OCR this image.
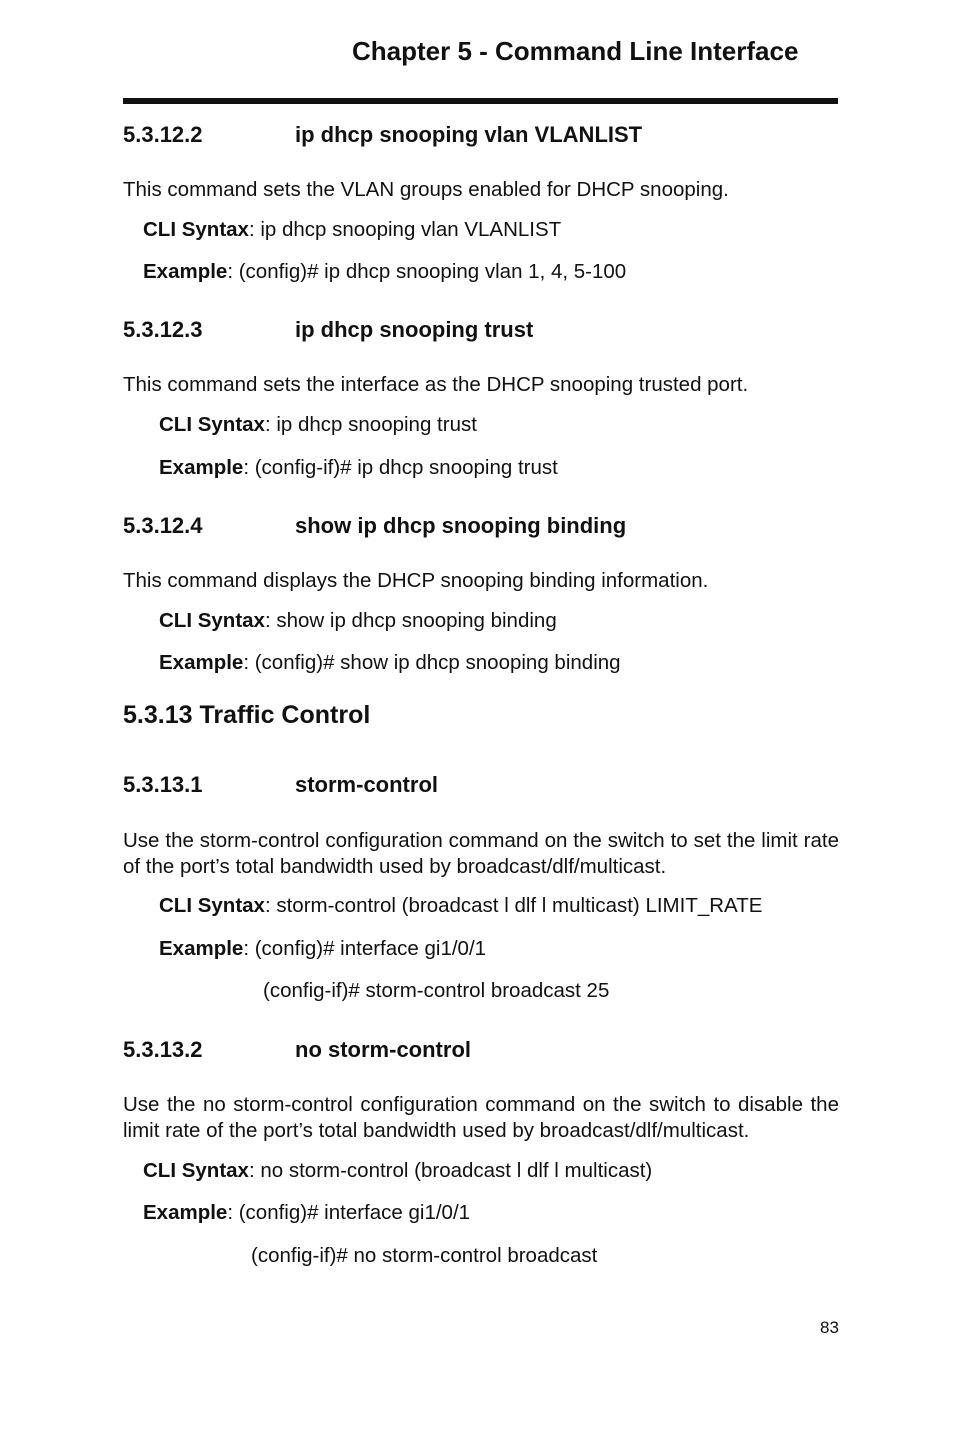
Chapter 5 - Command Line Interface
5.3.12.2	ip dhcp snooping vlan VLANLIST
This command sets the VLAN groups enabled for DHCP snooping.
CLI Syntax: ip dhcp snooping vlan VLANLIST
Example: (config)# ip dhcp snooping vlan 1, 4, 5-100
5.3.12.3	ip dhcp snooping trust
This command sets the interface as the DHCP snooping trusted port.
CLI Syntax: ip dhcp snooping trust
Example: (config-if)# ip dhcp snooping trust
5.3.12.4	show ip dhcp snooping binding
This command displays the DHCP snooping binding information.
CLI Syntax: show ip dhcp snooping binding
Example: (config)# show ip dhcp snooping binding
5.3.13 Traffic Control
5.3.13.1	storm-control
Use the storm-control configuration command on the switch to set the limit rate of the port’s total bandwidth used by broadcast/dlf/multicast.
CLI Syntax: storm-control (broadcast l dlf l multicast) LIMIT_RATE
Example: (config)# interface gi1/0/1
(config-if)# storm-control broadcast 25
5.3.13.2	no storm-control
Use the no storm-control configuration command on the switch to disable the limit rate of the port’s total bandwidth used by broadcast/dlf/multicast.
CLI Syntax: no storm-control (broadcast l dlf l multicast)
Example: (config)# interface gi1/0/1
(config-if)# no storm-control broadcast
83
